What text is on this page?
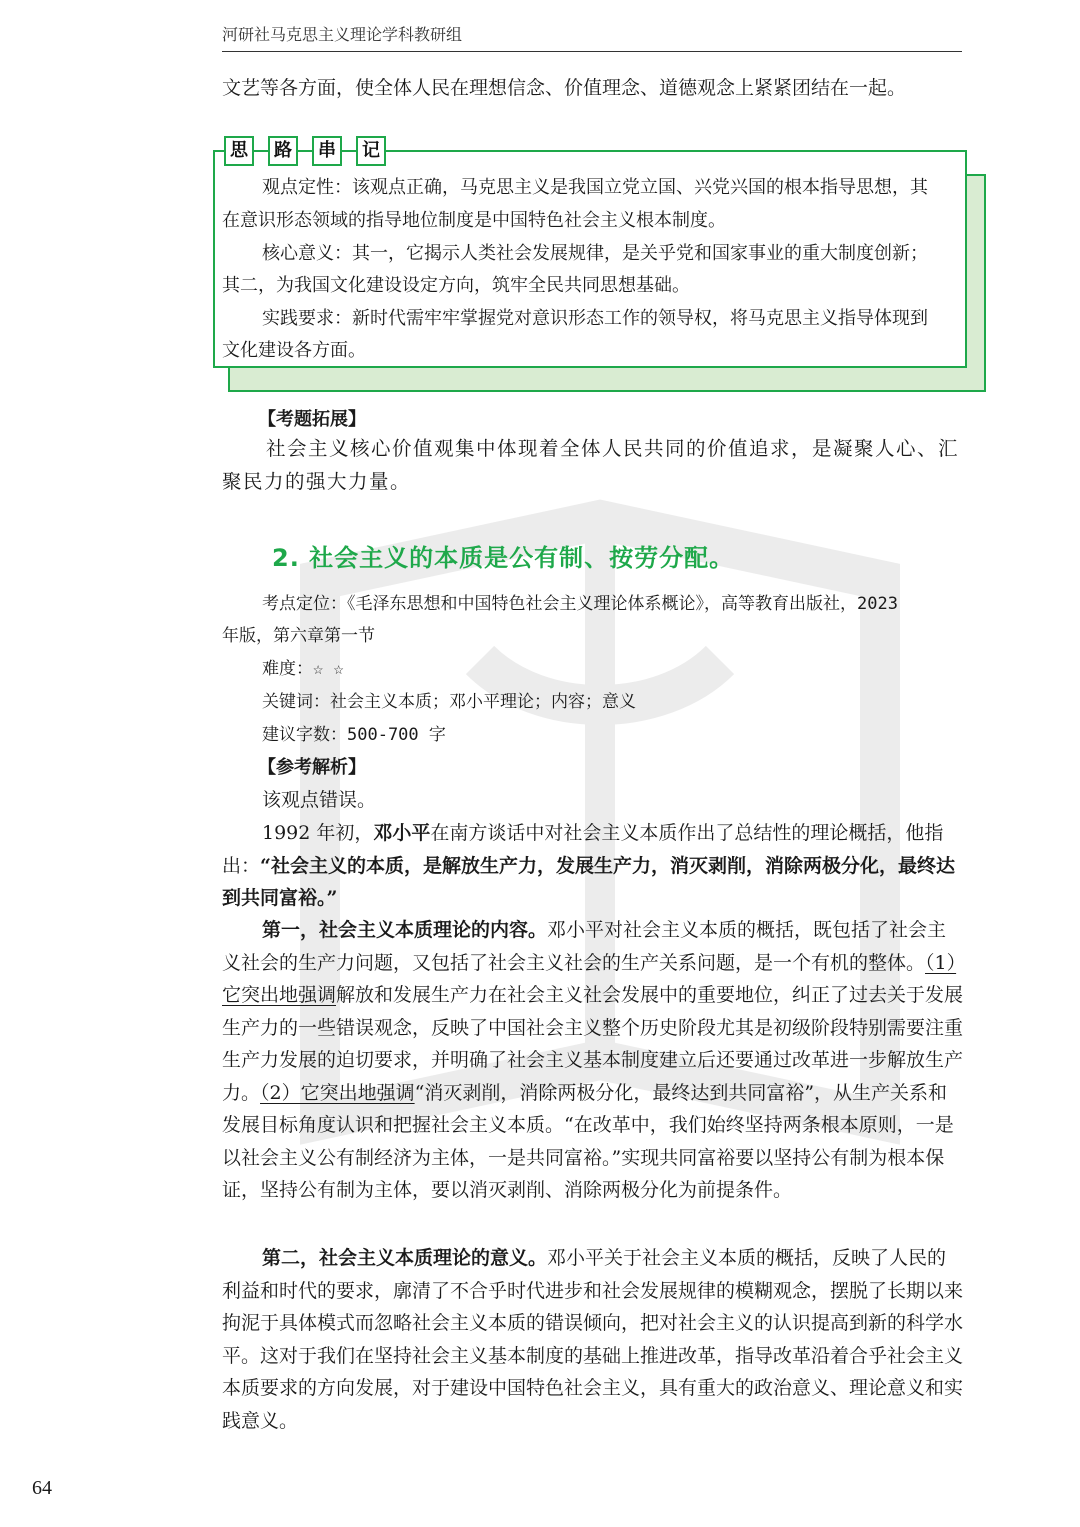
河研社马克思主义理论学科教研组

文艺等各方面，使全体人民在理想信念、价值理念、道德观念上紧紧团结在一起。

思	路	串	记

观点定性：该观点正确，马克思主义是我国立党立国、兴党兴国的根本指导思想，其

在意识形态领域的指导地位制度是中国特色社会主义根本制度。

核心意义：其一，它揭示人类社会发展规律，是关乎党和国家事业的重大制度创新；

其二，为我国文化建设设定方向，筑牢全民共同思想基础。

实践要求：新时代需牢牢掌握党对意识形态工作的领导权，将马克思主义指导体现到

文化建设各方面。

【考题拓展】
社会主义核心价值观集中体现着全体人民共同的价值追求，是凝聚人心、汇聚民力的强大力量。
2. 社会主义的本质是公有制、按劳分配。

考点定位：《毛泽东思想和中国特色社会主义理论体系概论》，高等教育出版社，2023

年版，第六章第一节

难度：☆ ☆

关键词：社会主义本质；邓小平理论；内容；意义

建议字数：500-700 字

【参考解析】

该观点错误。

1992 年初，邓小平在南方谈话中对社会主义本质作出了总结性的理论概括，他指出：“社会主义的本质，是解放生产力，发展生产力，消灭剥削，消除两极分化，最终达到共同富裕。”

第一，社会主义本质理论的内容。邓小平对社会主义本质的概括，既包括了社会主义社会的生产力问题，又包括了社会主义社会的生产关系问题，是一个有机的整体。（1）它突出地强调解放和发展生产力在社会主义社会发展中的重要地位，纠正了过去关于发展生产力的一些错误观念，反映了中国社会主义整个历史阶段尤其是初级阶段特别需要注重生产力发展的迫切要求，并明确了社会主义基本制度建立后还要通过改革进一步解放生产力。（2）它突出地强调“消灭剥削，消除两极分化，最终达到共同富裕”，从生产关系和发展目标角度认识和把握社会主义本质。“在改革中，我们始终坚持两条根本原则，一是以社会主义公有制经济为主体，一是共同富裕。”实现共同富裕要以坚持公有制为根本保证，坚持公有制为主体，要以消灭剥削、消除两极分化为前提条件。

第二，社会主义本质理论的意义。邓小平关于社会主义本质的概括，反映了人民的利益和时代的要求，廓清了不合乎时代进步和社会发展规律的模糊观念，摆脱了长期以来拘泥于具体模式而忽略社会主义本质的错误倾向，把对社会主义的认识提高到新的科学水平。这对于我们在坚持社会主义基本制度的基础上推进改革，指导改革沿着合乎社会主义本质要求的方向发展，对于建设中国特色社会主义，具有重大的政治意义、理论意义和实践意义。

64
